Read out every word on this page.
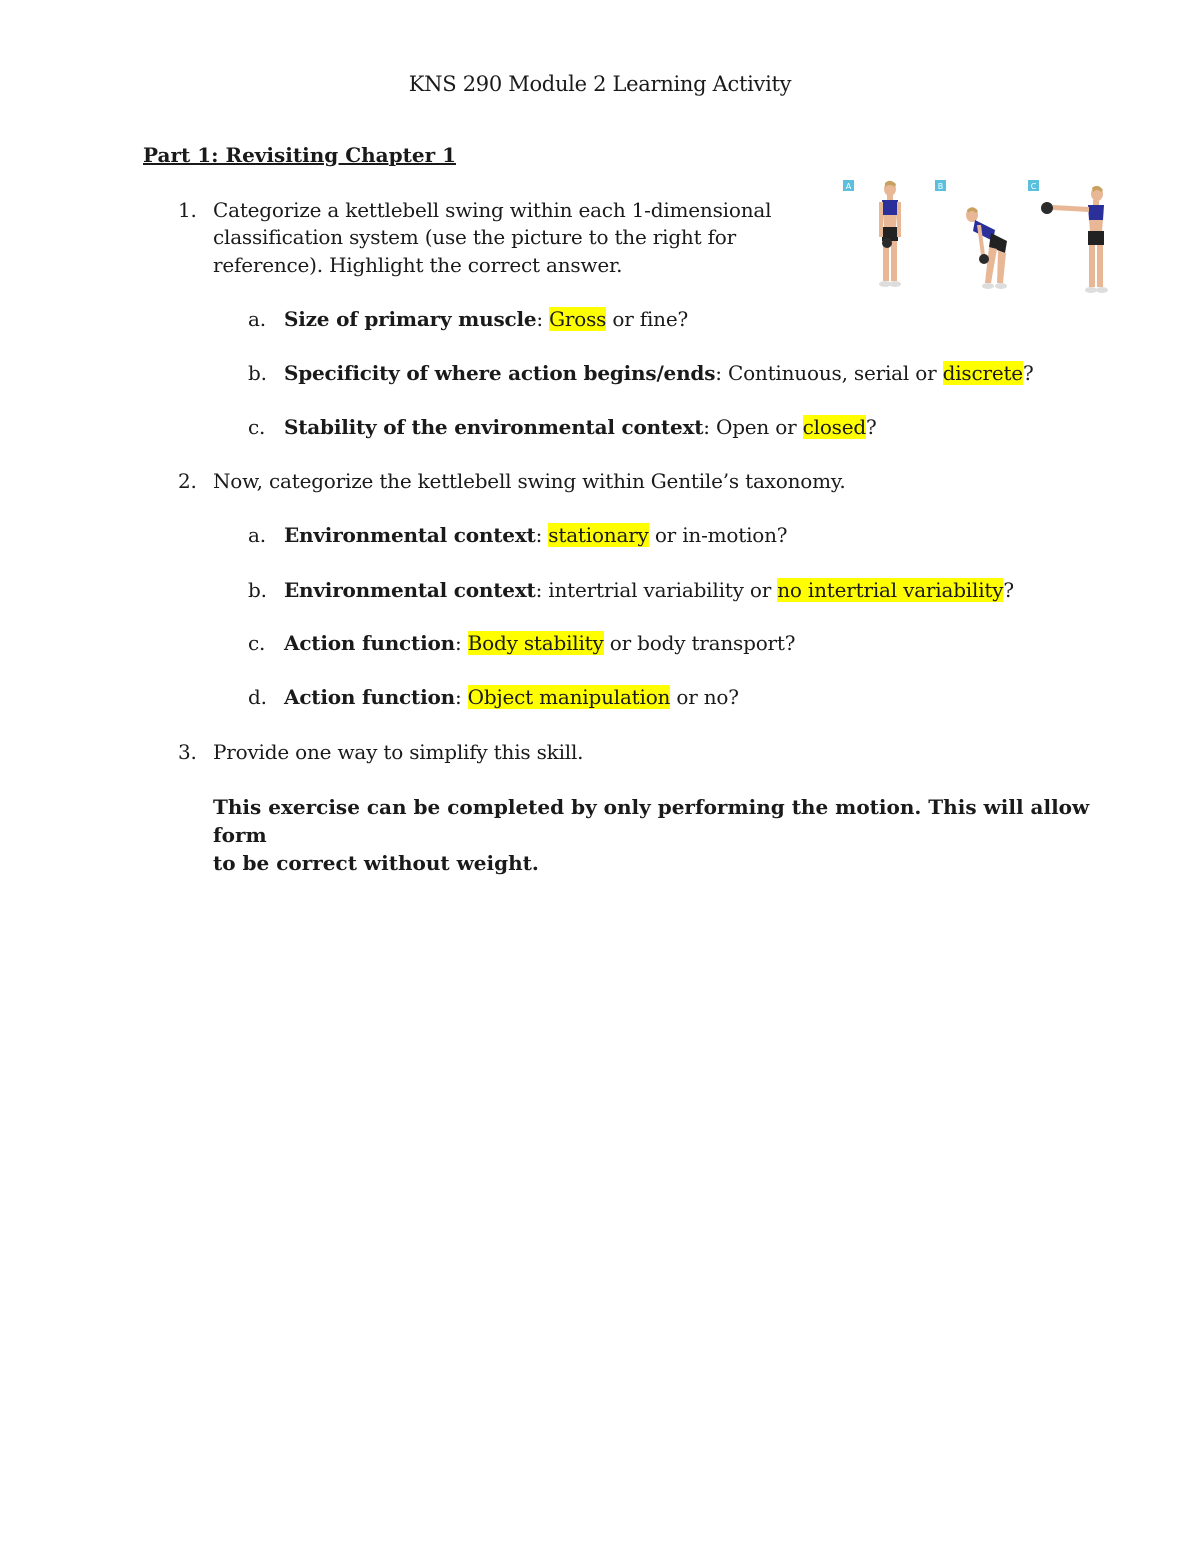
KNS 290 Module 2 Learning Activity
Part 1: Revisiting Chapter 1
A	B	C
1. Categorize a kettlebell swing within each 1-dimensional
classification system (use the picture to the right for
reference). Highlight the correct answer.
a. Size of primary muscle: Gross or fine?
b. Specificity of where action begins/ends: Continuous, serial or discrete?
c. Stability of the environmental context: Open or closed?
2. Now, categorize the kettlebell swing within Gentile’s taxonomy.
a. Environmental context: stationary or in-motion?
b. Environmental context: intertrial variability or no intertrial variability?
c. Action function: Body stability or body transport?
d. Action function: Object manipulation or no?
3. Provide one way to simplify this skill.
This exercise can be completed by only performing the motion. This will allow form
to be correct without weight.
